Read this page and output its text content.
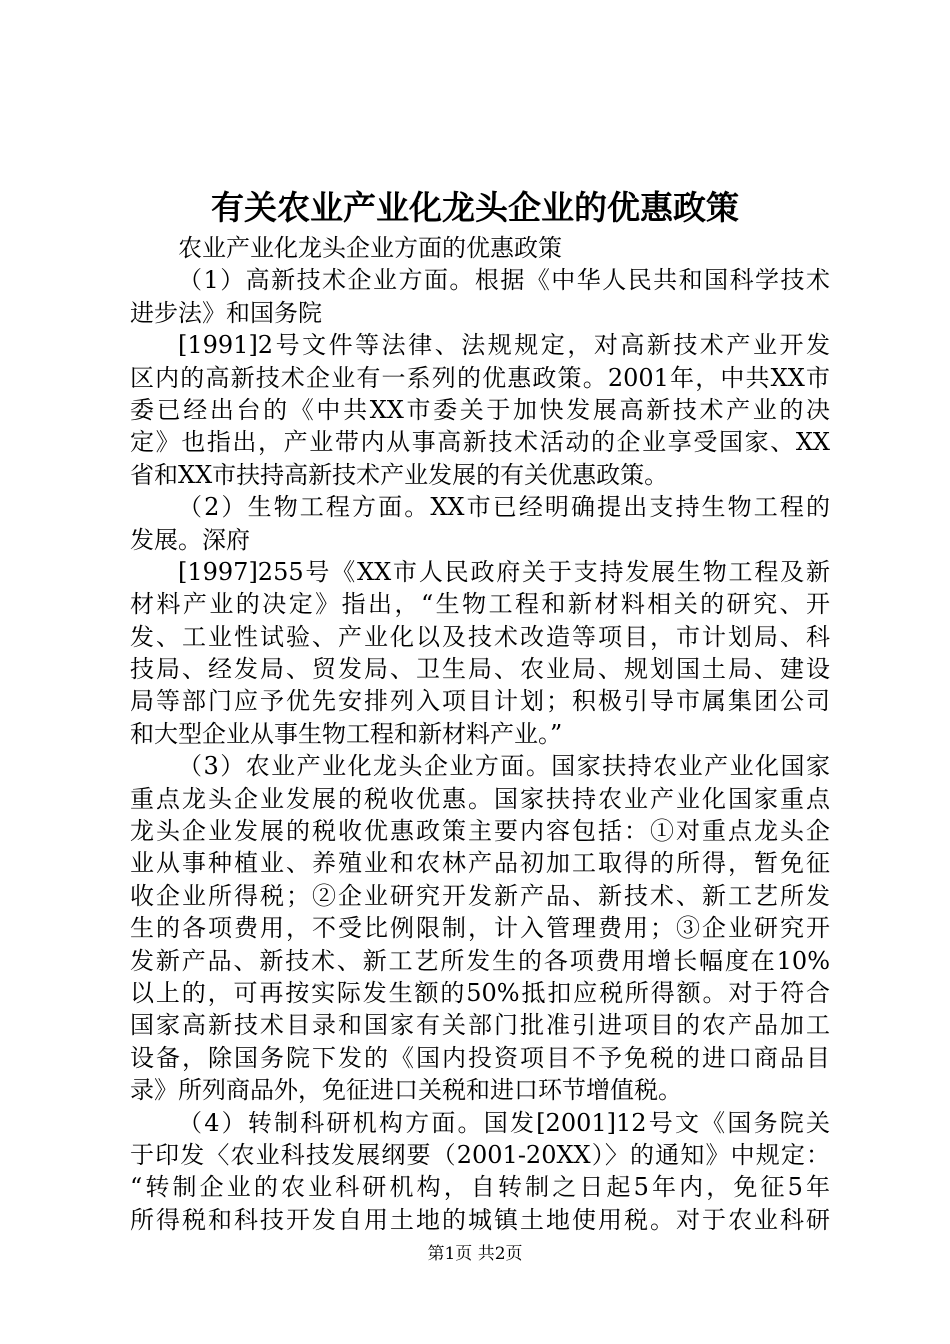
有关农业产业化龙头企业的优惠政策
农业产业化龙头企业方面的优惠政策
（1）高新技术企业方面。根据《中华人民共和国科学技术
进步法》和国务院
[1991]2号文件等法律、法规规定，对高新技术产业开发
区内的高新技术企业有一系列的优惠政策。2001年，中共XX市
委已经出台的《中共XX市委关于加快发展高新技术产业的决
定》也指出，产业带内从事高新技术活动的企业享受国家、XX
省和XX市扶持高新技术产业发展的有关优惠政策。
（2）生物工程方面。XX市已经明确提出支持生物工程的
发展。深府
[1997]255号《XX市人民政府关于支持发展生物工程及新
材料产业的决定》指出，“生物工程和新材料相关的研究、开
发、工业性试验、产业化以及技术改造等项目，市计划局、科
技局、经发局、贸发局、卫生局、农业局、规划国土局、建设
局等部门应予优先安排列入项目计划；积极引导市属集团公司
和大型企业从事生物工程和新材料产业。”
（3）农业产业化龙头企业方面。国家扶持农业产业化国家
重点龙头企业发展的税收优惠。国家扶持农业产业化国家重点
龙头企业发展的税收优惠政策主要内容包括：①对重点龙头企
业从事种植业、养殖业和农林产品初加工取得的所得，暂免征
收企业所得税；②企业研究开发新产品、新技术、新工艺所发
生的各项费用，不受比例限制，计入管理费用；③企业研究开
发新产品、新技术、新工艺所发生的各项费用增长幅度在10%
以上的，可再按实际发生额的50%抵扣应税所得额。对于符合
国家高新技术目录和国家有关部门批准引进项目的农产品加工
设备，除国务院下发的《国内投资项目不予免税的进口商品目
录》所列商品外，免征进口关税和进口环节增值税。
（4）转制科研机构方面。国发[2001]12号文《国务院关
于印发〈农业科技发展纲要（2001-20XX）〉的通知》中规定：
“转制企业的农业科研机构，自转制之日起5年内，免征5年
所得税和科技开发自用土地的城镇土地使用税。对于农业科研
第1页 共2页
